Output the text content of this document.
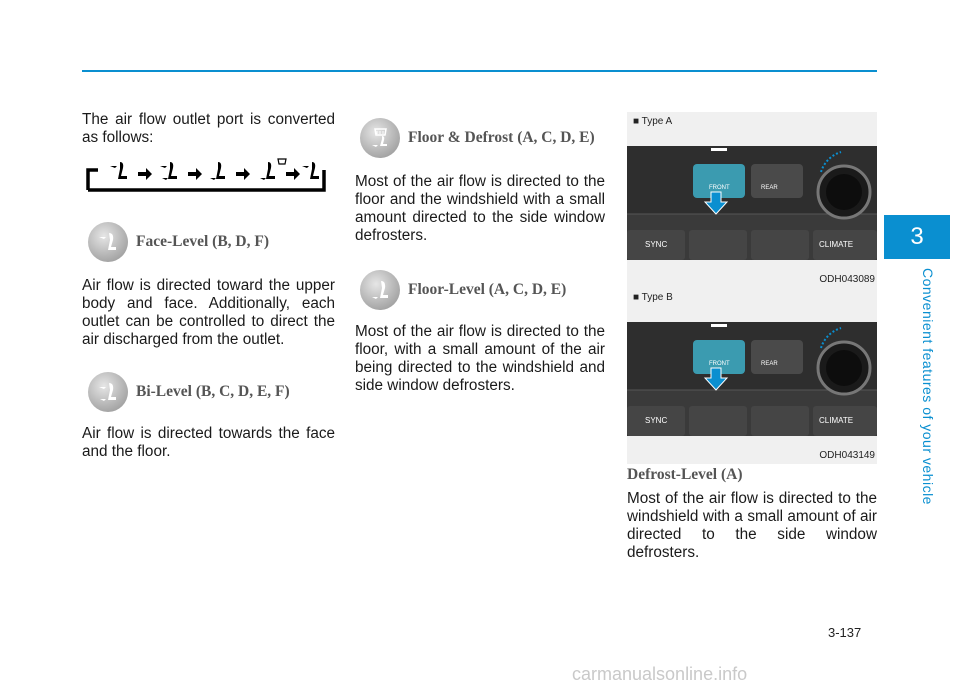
The air flow outlet port is converted as follows:

Face-Level (B, D, F)

Air flow is directed toward the upper body and face. Additionally, each outlet can be controlled to direct the air discharged from the outlet.

Bi-Level (B, C, D, E, F)

Air flow is directed towards the face and the floor.

Floor & Defrost (A, C, D, E)

Most of the air flow is directed to the floor and the windshield with a small amount directed to the side window defrosters.

Floor-Level (A, C, D, E)

Most of the air flow is directed to the floor, with a small amount of the air being directed to the windshield and side window defrosters.

■ Type A
FRONT	REAR
SYNC	CLIMATE
ODH043089
■ Type B
FRONT	REAR
SYNC	CLIMATE
ODH043149
Defrost-Level (A)

Most of the air flow is directed to the windshield with a small amount of air directed to the side window defrosters.

3
Convenient features of your vehicle
3-137
carmanualsonline.info
